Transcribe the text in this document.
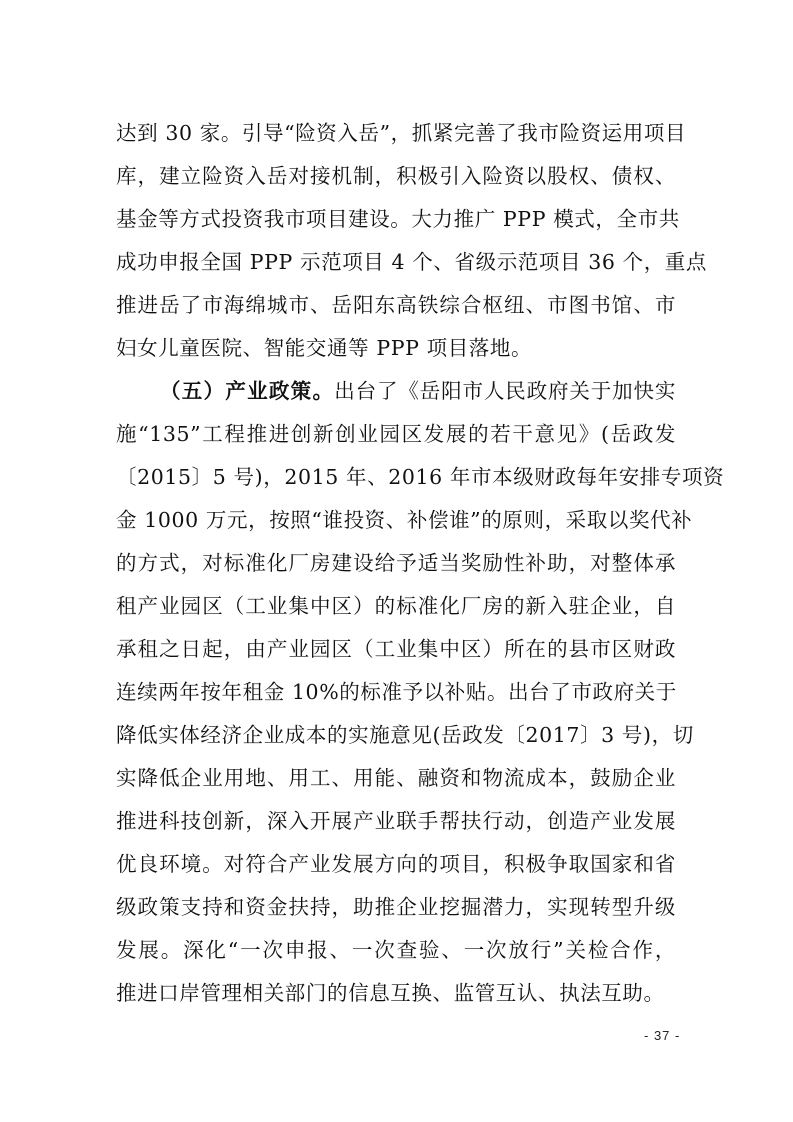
达到 30 家。引导“险资入岳”，抓紧完善了我市险资运用项目
库，建立险资入岳对接机制，积极引入险资以股权、债权、
基金等方式投资我市项目建设。大力推广 PPP 模式，全市共
成功申报全国 PPP 示范项目 4 个、省级示范项目 36 个，重点
推进岳了市海绵城市、岳阳东高铁综合枢纽、市图书馆、市
妇女儿童医院、智能交通等 PPP 项目落地。
（五）产业政策。出台了《岳阳市人民政府关于加快实
施“135”工程推进创新创业园区发展的若干意见》(岳政发
〔2015〕5 号)，2015 年、2016 年市本级财政每年安排专项资
金 1000 万元，按照“谁投资、补偿谁”的原则，采取以奖代补
的方式，对标准化厂房建设给予适当奖励性补助，对整体承
租产业园区（工业集中区）的标准化厂房的新入驻企业，自
承租之日起，由产业园区（工业集中区）所在的县市区财政
连续两年按年租金 10%的标准予以补贴。出台了市政府关于
降低实体经济企业成本的实施意见(岳政发〔2017〕3 号)，切
实降低企业用地、用工、用能、融资和物流成本，鼓励企业
推进科技创新，深入开展产业联手帮扶行动，创造产业发展
优良环境。对符合产业发展方向的项目，积极争取国家和省
级政策支持和资金扶持，助推企业挖掘潜力，实现转型升级
发展。深化“一次申报、一次查验、一次放行”关检合作，
推进口岸管理相关部门的信息互换、监管互认、执法互助。
- 37 -
